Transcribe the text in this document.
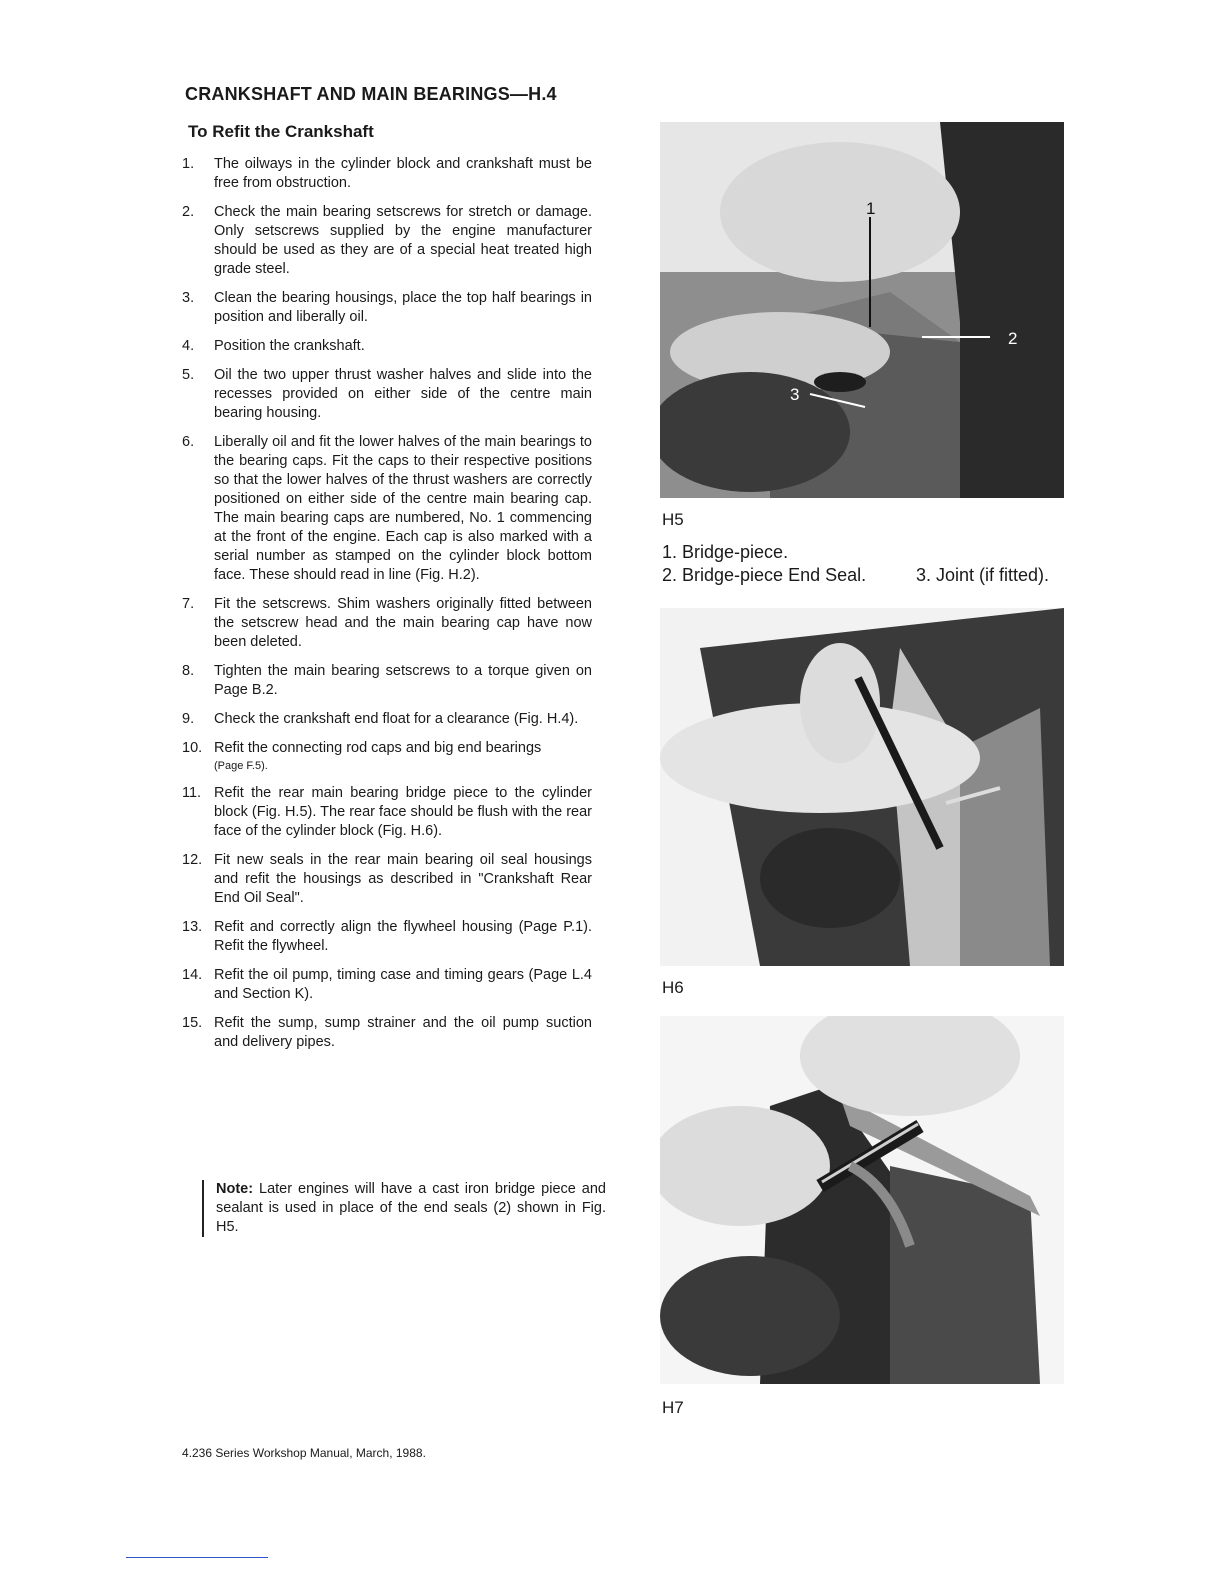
CRANKSHAFT AND MAIN BEARINGS—H.4
To Refit the Crankshaft
1.	The oilways in the cylinder block and crankshaft must be free from obstruction.
2.	Check the main bearing setscrews for stretch or damage. Only setscrews supplied by the engine manufacturer should be used as they are of a special heat treated high grade steel.
3.	Clean the bearing housings, place the top half bearings in position and liberally oil.
4.	Position the crankshaft.
5.	Oil the two upper thrust washer halves and slide into the recesses provided on either side of the centre main bearing housing.
6.	Liberally oil and fit the lower halves of the main bearings to the bearing caps. Fit the caps to their respective positions so that the lower halves of the thrust washers are correctly positioned on either side of the centre main bearing cap. The main bearing caps are numbered, No. 1 commencing at the front of the engine. Each cap is also marked with a serial number as stamped on the cylinder block bottom face. These should read in line (Fig. H.2).
7.	Fit the setscrews. Shim washers originally fitted between the setscrew head and the main bearing cap have now been deleted.
8.	Tighten the main bearing setscrews to a torque given on Page B.2.
9.	Check the crankshaft end float for a clearance (Fig. H.4).
10. Refit the connecting rod caps and big end bearings
(Page F.5).
11. Refit the rear main bearing bridge piece to the cylinder block (Fig. H.5). The rear face should be flush with the rear face of the cylinder block (Fig. H.6).
12. Fit new seals in the rear main bearing oil seal housings and refit the housings as described in "Crankshaft Rear End Oil Seal".
13. Refit and correctly align the flywheel housing (Page P.1). Refit the flywheel.
14. Refit the oil pump, timing case and timing gears (Page L.4 and Section K).
15. Refit the sump, sump strainer and the oil pump suction and delivery pipes.
Note: Later engines will have a cast iron bridge piece and sealant is used in place of the end seals (2) shown in Fig. H5.
2
3
1
H5
1. Bridge-piece.
2. Bridge-piece End Seal.	3. Joint (if fitted).
H6
H7
4.236 Series Workshop Manual, March, 1988.
